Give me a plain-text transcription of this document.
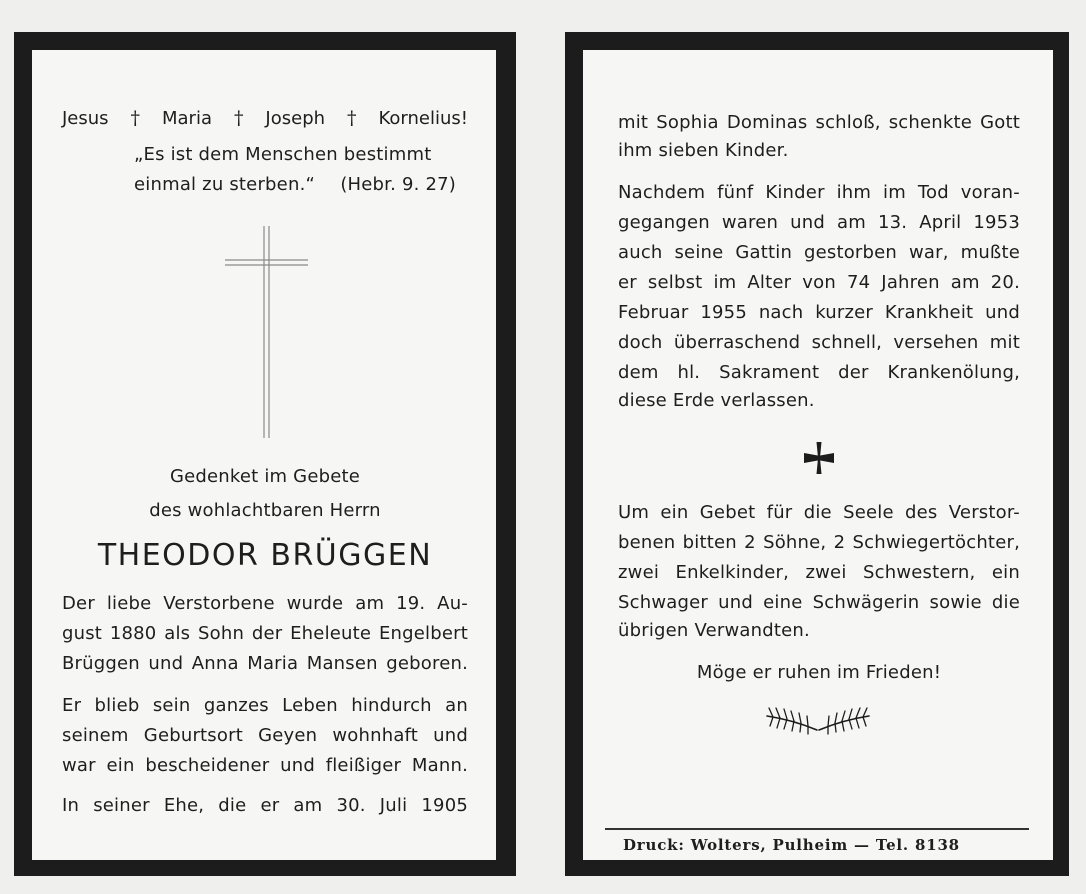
Jesus † Maria † Joseph † Kornelius!
„Es ist dem Menschen bestimmt
einmal zu sterben.“ (Hebr. 9. 27)
Gedenket im Gebete
des wohlachtbaren Herrn
THEODOR BRÜGGEN
Der liebe Verstorbene wurde am 19. Au-
gust 1880 als Sohn der Eheleute Engelbert
Brüggen und Anna Maria Mansen geboren.
Er blieb sein ganzes Leben hindurch an
seinem Geburtsort Geyen wohnhaft und
war ein bescheidener und fleißiger Mann.
In seiner Ehe, die er am 30. Juli 1905
mit Sophia Dominas schloß, schenkte Gott
ihm sieben Kinder.
Nachdem fünf Kinder ihm im Tod voran-
gegangen waren und am 13. April 1953
auch seine Gattin gestorben war, mußte
er selbst im Alter von 74 Jahren am 20.
Februar 1955 nach kurzer Krankheit und
doch überraschend schnell, versehen mit
dem hl. Sakrament der Krankenölung,
diese Erde verlassen.
Um ein Gebet für die Seele des Verstor-
benen bitten 2 Söhne, 2 Schwiegertöchter,
zwei Enkelkinder, zwei Schwestern, ein
Schwager und eine Schwägerin sowie die
übrigen Verwandten.
Möge er ruhen im Frieden!
Druck: Wolters, Pulheim — Tel. 8138
